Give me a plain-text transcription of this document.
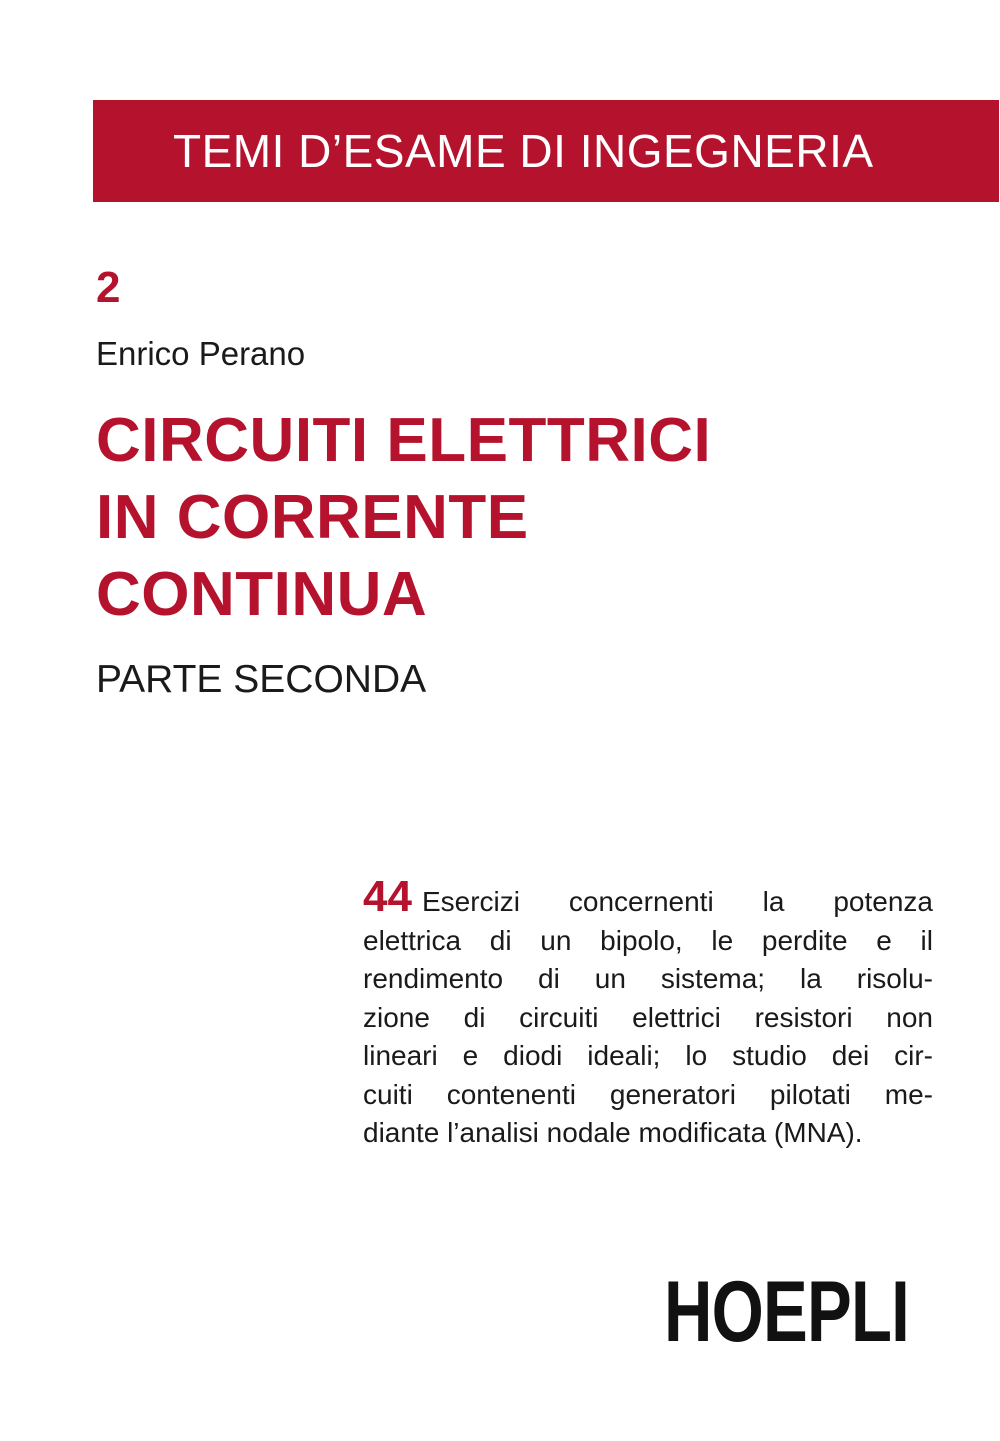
TEMI D’ESAME DI INGEGNERIA
2
Enrico Perano
CIRCUITI ELETTRICI
IN CORRENTE
CONTINUA
PARTE SECONDA
44 Esercizi concernenti la potenza
elettrica di un bipolo, le perdite e il
rendimento di un sistema; la risolu-
zione di circuiti elettrici resistori non
lineari e diodi ideali; lo studio dei cir-
cuiti contenenti generatori pilotati me-
diante l’analisi nodale modificata (MNA).
HOEPLI
